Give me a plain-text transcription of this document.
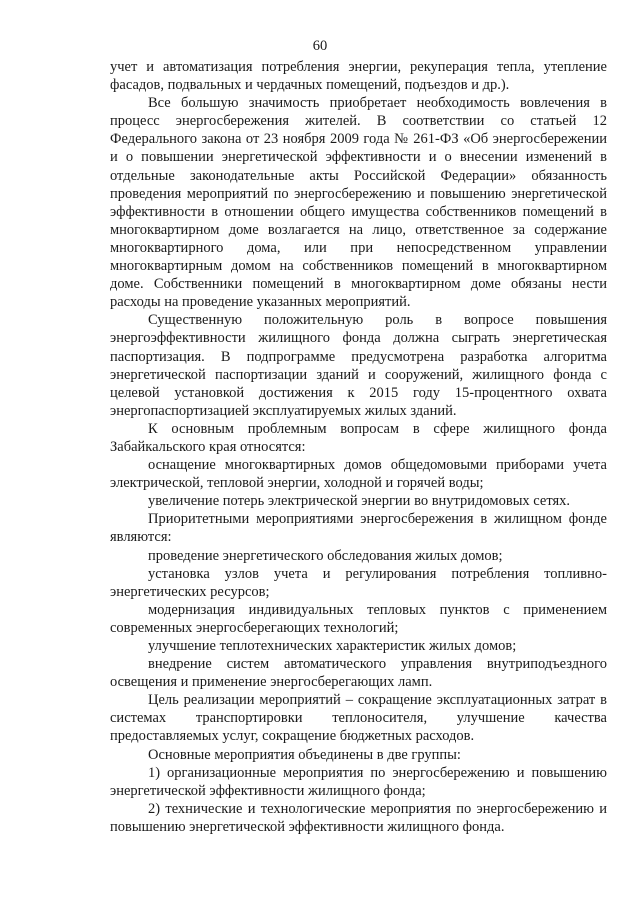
60

учет и автоматизация потребления энергии, рекуперация тепла, утепление фасадов, подвальных и чердачных помещений, подъездов и др.).

Все большую значимость приобретает необходимость вовлечения в процесс энергосбережения жителей. В соответствии со статьей 12 Федерального закона от 23 ноября 2009 года № 261-ФЗ «Об энергосбережении и о повышении энергетической эффективности и о внесении изменений в отдельные законодательные акты Российской Федерации» обязанность проведения мероприятий по энергосбережению и повышению энергетической эффективности в отношении общего имущества собственников помещений в многоквартирном доме возлагается на лицо, ответственное за содержание многоквартирного дома, или при непосредственном управлении многоквартирным домом на собственников помещений в многоквартирном доме. Собственники помещений в многоквартирном доме обязаны нести расходы на проведение указанных мероприятий.

Существенную положительную роль в вопросе повышения энергоэффективности жилищного фонда должна сыграть энергетическая паспортизация. В подпрограмме предусмотрена разработка алгоритма энергетической паспортизации зданий и сооружений, жилищного фонда с целевой установкой достижения к 2015 году 15-процентного охвата энергопаспортизацией эксплуатируемых жилых зданий.

К основным проблемным вопросам в сфере жилищного фонда Забайкальского края относятся:

оснащение многоквартирных домов общедомовыми приборами учета электрической, тепловой энергии, холодной и горячей воды;

увеличение потерь электрической энергии во внутридомовых сетях.

Приоритетными мероприятиями энергосбережения в жилищном фонде являются:

проведение энергетического обследования жилых домов;

установка узлов учета и регулирования потребления топливно-энергетических ресурсов;

модернизация индивидуальных тепловых пунктов с применением современных энергосберегающих технологий;

улучшение теплотехнических характеристик жилых домов;

внедрение систем автоматического управления внутриподъездного освещения и применение энергосберегающих ламп.

Цель реализации мероприятий – сокращение эксплуатационных затрат в системах транспортировки теплоносителя, улучшение качества предоставляемых услуг, сокращение бюджетных расходов.

Основные мероприятия объединены в две группы:

1) организационные мероприятия по энергосбережению и повышению энергетической эффективности жилищного фонда;

2) технические и технологические мероприятия по энергосбережению и повышению энергетической эффективности жилищного фонда.
